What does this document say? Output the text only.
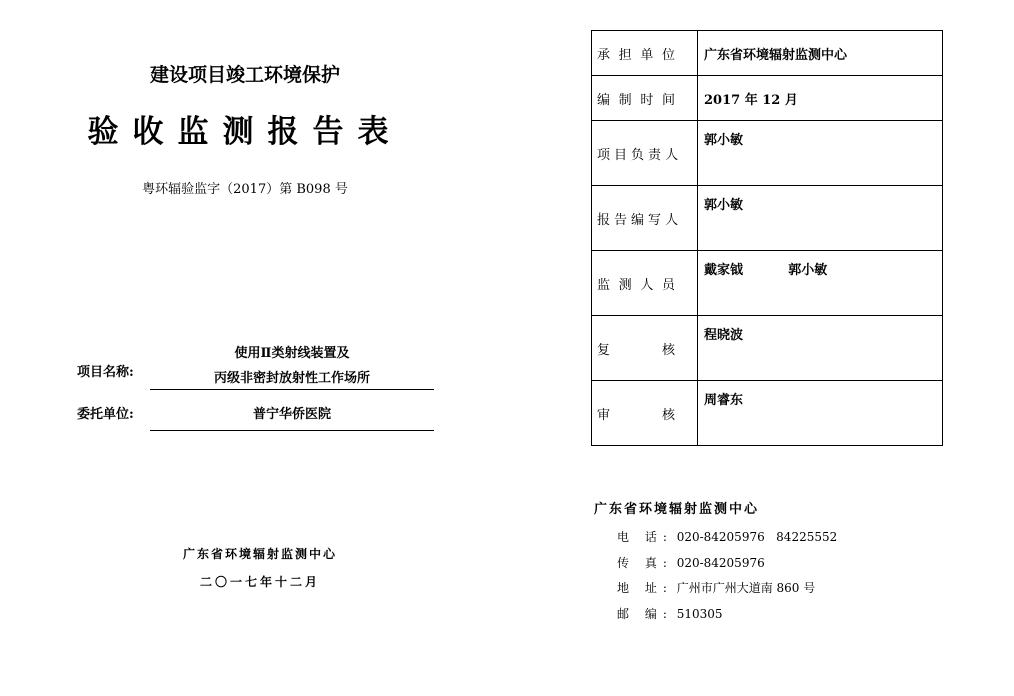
建设项目竣工环境保护
验收监测报告表
粤环辐验监字（2017）第 B098 号
项目名称:
使用Ⅱ类射线装置及
丙级非密封放射性工作场所
委托单位:	普宁华侨医院
广东省环境辐射监测中心
二〇一七年十二月
承 担 单 位	广东省环境辐射监测中心

编 制 时 间	2017 年 12 月

项 目 负 责 人	郭小敏

报 告 编 写 人	郭小敏

监 测 人 员	戴家钺          郭小敏

复 核	程晓波

审 核	周睿东
广东省环境辐射监测中心
电 话: 020-84205976   84225552
传 真: 020-84205976
地 址: 广州市广州大道南 860 号
邮 编: 510305
